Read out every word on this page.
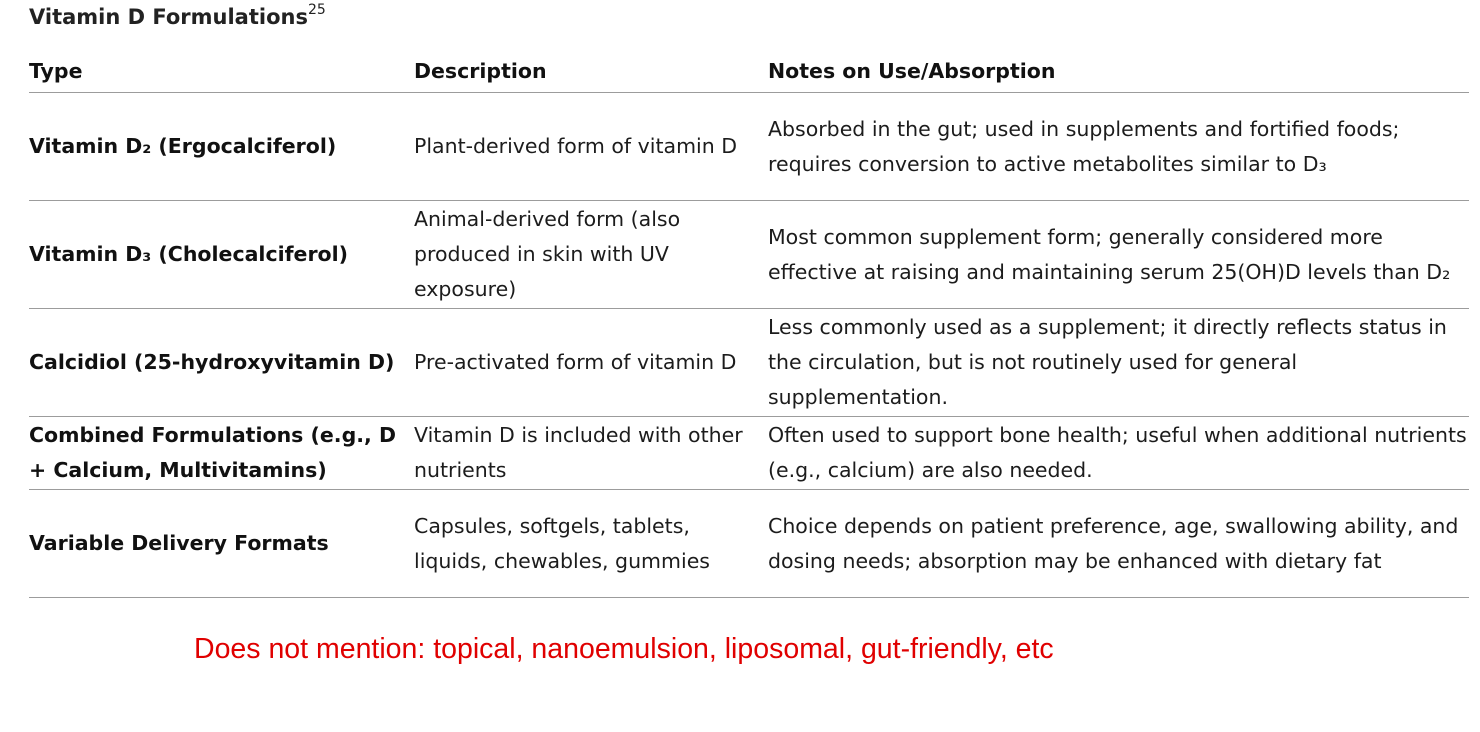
Vitamin D Formulations$^{25}$
Type	Description	Notes on Use/Absorption
Vitamin D₂ (Ergocalciferol)	Plant-derived form of vitamin D	Absorbed in the gut; used in supplements and fortified foods; requires conversion to active metabolites similar to D₃
Vitamin D₃ (Cholecalciferol)	Animal-derived form (also produced in skin with UV exposure)	Most common supplement form; generally considered more effective at raising and maintaining serum 25(OH)D levels than D₂
Calcidiol (25-hydroxyvitamin D)	Pre-activated form of vitamin D	Less commonly used as a supplement; it directly reflects status in the circulation, but is not routinely used for general supplementation.
Combined Formulations (e.g., D + Calcium, Multivitamins)	Vitamin D is included with other nutrients	Often used to support bone health; useful when additional nutrients (e.g., calcium) are also needed.
Variable Delivery Formats	Capsules, softgels, tablets, liquids, chewables, gummies	Choice depends on patient preference, age, swallowing ability, and dosing needs; absorption may be enhanced with dietary fat
Does not mention: topical, nanoemulsion, liposomal, gut-friendly, etc
